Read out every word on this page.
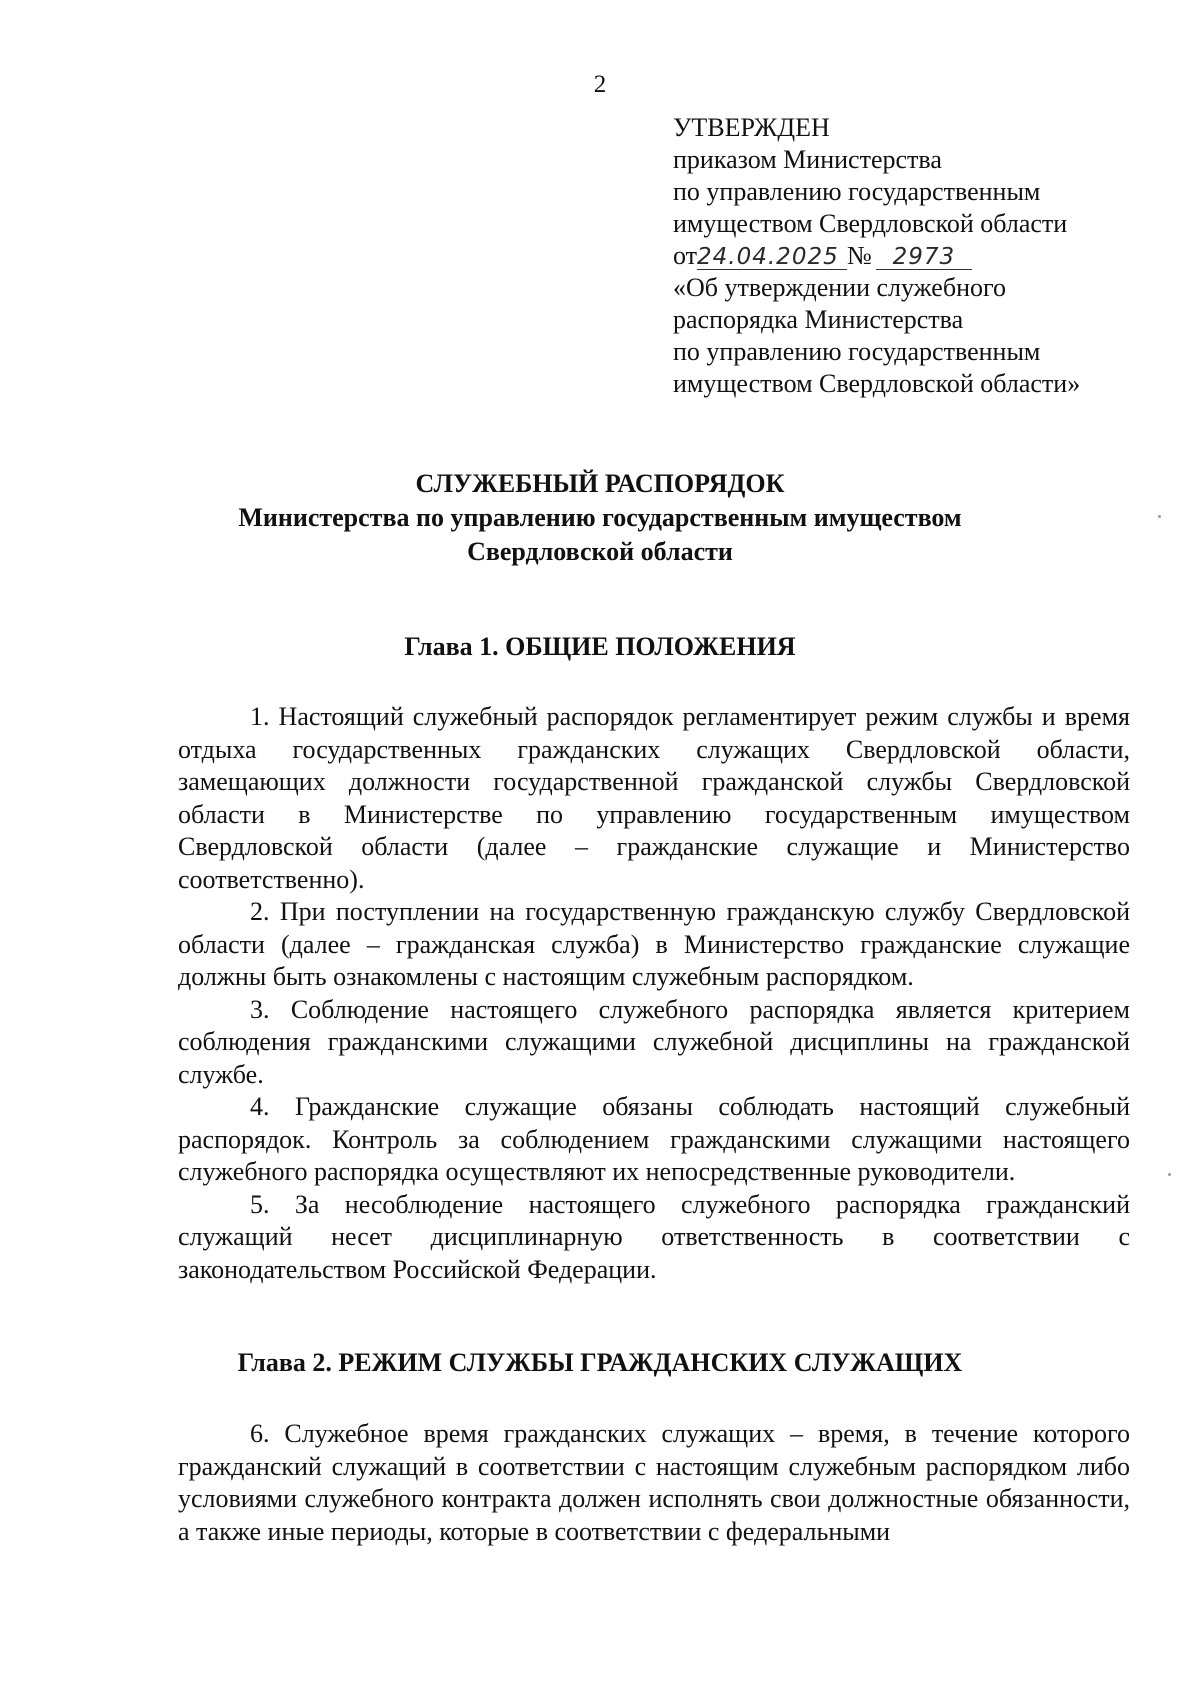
2
УТВЕРЖДЕН
приказом Министерства
по управлению государственным
имуществом Свердловской области
от24.04.2025 № 2973
«Об утверждении служебного
распорядка Министерства
по управлению государственным
имуществом Свердловской области»
СЛУЖЕБНЫЙ РАСПОРЯДОК
Министерства по управлению государственным имуществом
Свердловской области
Глава 1. ОБЩИЕ ПОЛОЖЕНИЯ

1. Настоящий служебный распорядок регламентирует режим службы и время отдыха государственных гражданских служащих Свердловской области, замещающих должности государственной гражданской службы Свердловской области в Министерстве по управлению государственным имуществом Свердловской области (далее – гражданские служащие и Министерство соответственно).

2. При поступлении на государственную гражданскую службу Свердловской области (далее – гражданская служба) в Министерство гражданские служащие должны быть ознакомлены с настоящим служебным распорядком.

3. Соблюдение настоящего служебного распорядка является критерием соблюдения гражданскими служащими служебной дисциплины на гражданской службе.

4. Гражданские служащие обязаны соблюдать настоящий служебный распорядок. Контроль за соблюдением гражданскими служащими настоящего служебного распорядка осуществляют их непосредственные руководители.

5. За несоблюдение настоящего служебного распорядка гражданский служащий несет дисциплинарную ответственность в соответствии с законодательством Российской Федерации.

Глава 2. РЕЖИМ СЛУЖБЫ ГРАЖДАНСКИХ СЛУЖАЩИХ

6. Служебное время гражданских служащих – время, в течение которого гражданский служащий в соответствии с настоящим служебным распорядком либо условиями служебного контракта должен исполнять свои должностные обязанности, а также иные периоды, которые в соответствии с федеральными
